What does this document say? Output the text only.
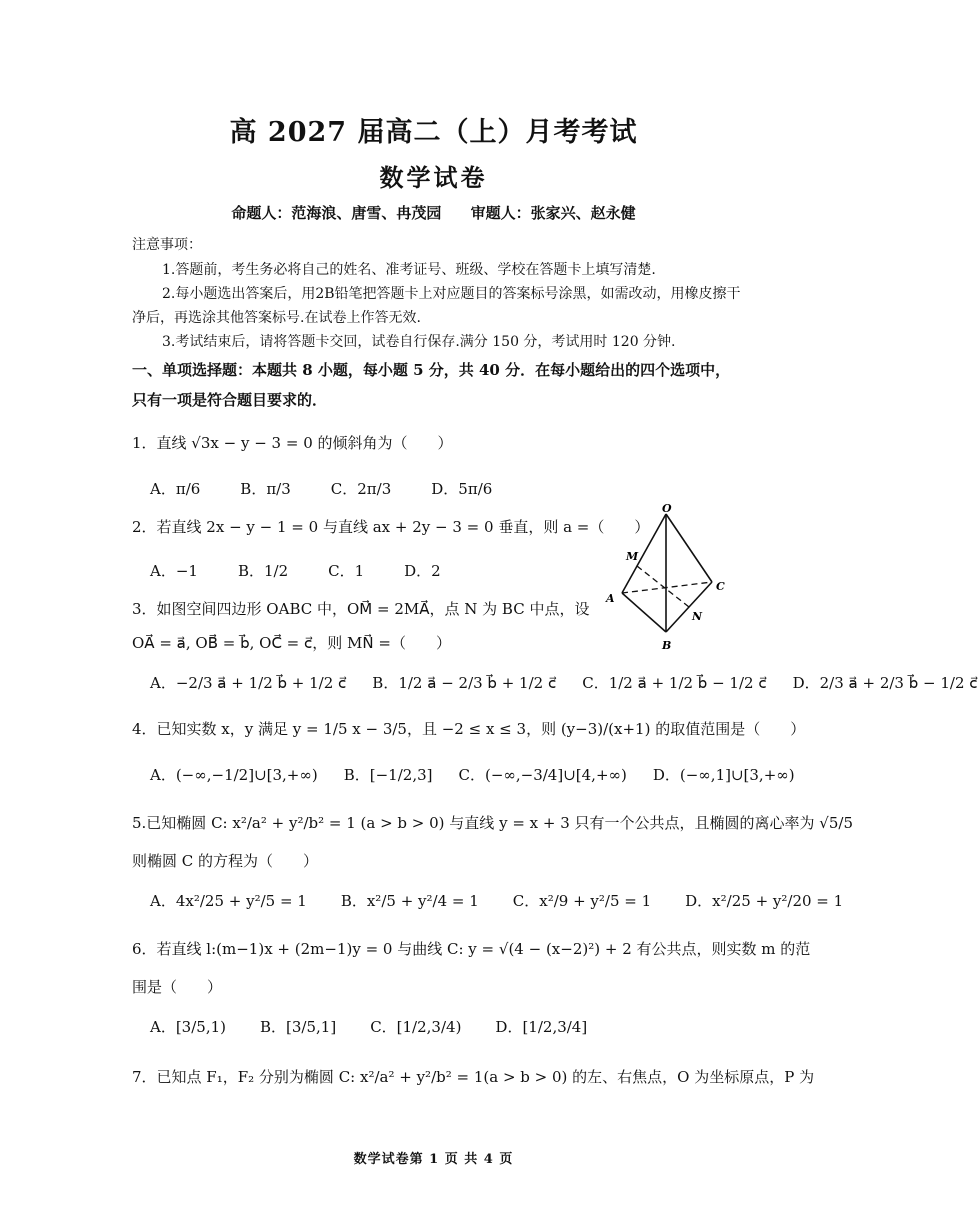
高 2027 届高二（上）月考考试
数学试卷
命题人：范海浪、唐雪、冉茂园 审题人：张家兴、赵永健
注意事项：
1.答题前，考生务必将自己的姓名、准考证号、班级、学校在答题卡上填写清楚.
2.每小题选出答案后，用2B铅笔把答题卡上对应题目的答案标号涂黑，如需改动，用橡皮擦干净后，再选涂其他答案标号.在试卷上作答无效.
3.考试结束后，请将答题卡交回，试卷自行保存.满分 150 分，考试用时 120 分钟.
一、单项选择题：本题共 8 小题，每小题 5 分，共 40 分．在每小题给出的四个选项中，只有一项是符合题目要求的．
1．直线 √3x − y − 3 = 0 的倾斜角为（　　）
A．π/6	B．π/3	C．2π/3	D．5π/6
2．若直线 2x − y − 1 = 0 与直线 ax + 2y − 3 = 0 垂直，则 a =（　　）
A．−1	B．1/2	C．1	D．2
O
M
A
C
N
B
3．如图空间四边形 OABC 中，OM⃗ = 2MA⃗，点 N 为 BC 中点，设
OA⃗ = a⃗, OB⃗ = b⃗, OC⃗ = c⃗，则 MN⃗ =（　　）
A．−2/3 a⃗ + 1/2 b⃗ + 1/2 c⃗ B．1/2 a⃗ − 2/3 b⃗ + 1/2 c⃗ C．1/2 a⃗ + 1/2 b⃗ − 1/2 c⃗ D．2/3 a⃗ + 2/3 b⃗ − 1/2 c⃗
4．已知实数 x，y 满足 y = 1/5 x − 3/5，且 −2 ≤ x ≤ 3，则 (y−3)/(x+1) 的取值范围是（　　）
A．(−∞,−1/2]∪[3,+∞) B．[−1/2,3] C．(−∞,−3/4]∪[4,+∞) D．(−∞,1]∪[3,+∞)
5.已知椭圆 C: x²/a² + y²/b² = 1 (a > b > 0) 与直线 y = x + 3 只有一个公共点，且椭圆的离心率为 √5/5
则椭圆 C 的方程为（　　）
A．4x²/25 + y²/5 = 1 B．x²/5 + y²/4 = 1 C．x²/9 + y²/5 = 1 D．x²/25 + y²/20 = 1
6．若直线 l:(m−1)x + (2m−1)y = 0 与曲线 C: y = √(4 − (x−2)²) + 2 有公共点，则实数 m 的范
围是（　　）
A．[3/5,1) B．[3/5,1] C．[1/2,3/4) D．[1/2,3/4]
7．已知点 F₁，F₂ 分别为椭圆 C: x²/a² + y²/b² = 1(a > b > 0) 的左、右焦点，O 为坐标原点，P 为
数学试卷第 1 页 共 4 页
